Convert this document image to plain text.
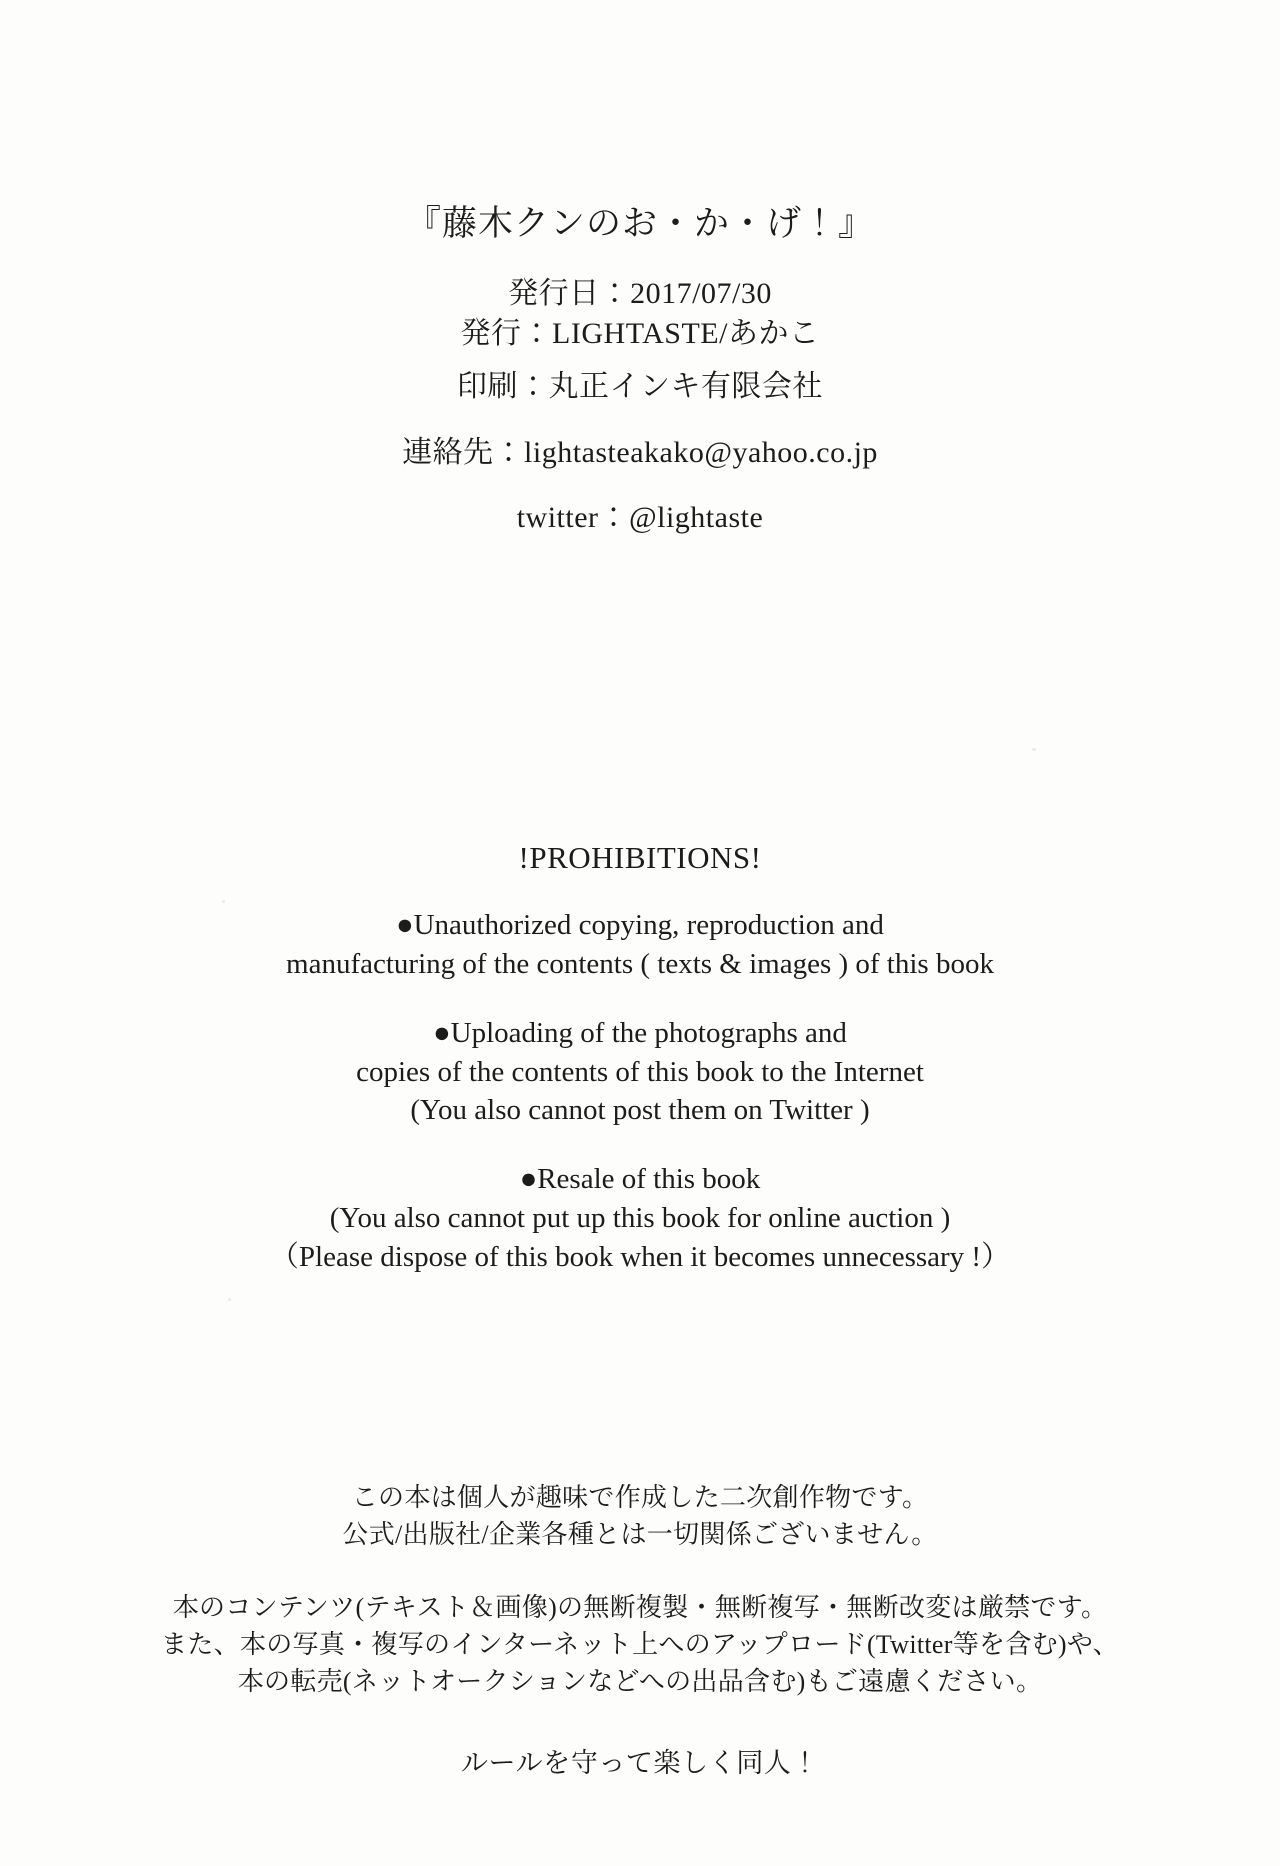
『藤木クンのお・か・げ！』
発行日：2017/07/30
発行：LIGHTASTE/あかこ
印刷：丸正インキ有限会社
連絡先：lightasteakako@yahoo.co.jp
twitter：@lightaste
!PROHIBITIONS!
●Unauthorized copying, reproduction and
manufacturing of the contents ( texts & images ) of this book
●Uploading of the photographs and
copies of the contents of this book to the Internet
(You also cannot post them on Twitter )
●Resale of this book
(You also cannot put up this book for online auction )
（Please dispose of this book when it becomes unnecessary !）
この本は個人が趣味で作成した二次創作物です。
公式/出版社/企業各種とは一切関係ございません。
本のコンテンツ(テキスト＆画像)の無断複製・無断複写・無断改変は厳禁です。
また、本の写真・複写のインターネット上へのアップロード(Twitter等を含む)や、
本の転売(ネットオークションなどへの出品含む)もご遠慮ください。
ルールを守って楽しく同人！
